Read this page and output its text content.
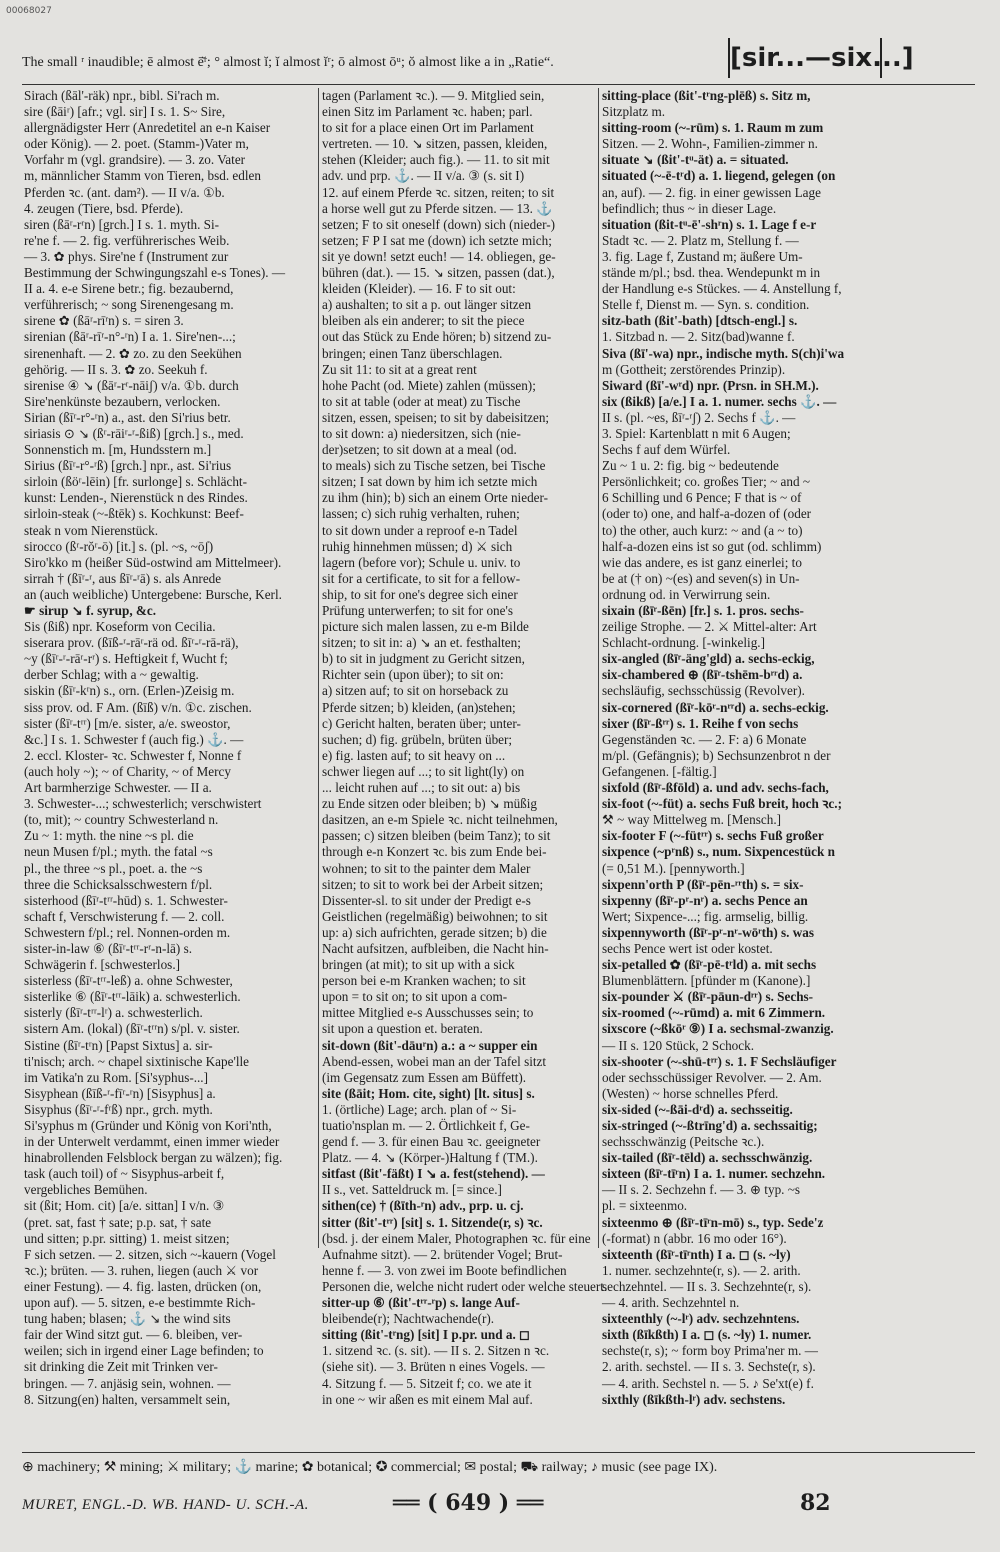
00068027
The small ʳ inaudible; ē almost ē̆ʳ; ° almost ĭ; ĭ almost ĭʳ; ō almost ōᵘ; ŏ almost like a in „Ratie“.	[sir...—six...]
Sirach (ßāl'-räk) npr., bibl. Si'rach m.
sire (ßāiʳ) [afr.; vgl. sir] I s. 1. S~ Sire,
allergnädigster Herr (Anredetitel an e-n Kaiser
oder König). — 2. poet. (Stamm-)Vater m,
Vorfahr m (vgl. grandsire). — 3. zo. Vater
m, männlicher Stamm von Tieren, bsd. edlen
Pferden ꝛc. (ant. dam²). — II v/a. ①b.
4. zeugen (Tiere, bsd. Pferde).
siren (ßāʳ-rʳn) [grch.] I s. 1. myth. Si-
re'ne f. — 2. fig. verführerisches Weib.
— 3. ✿ phys. Sire'ne f (Instrument zur
Bestimmung der Schwingungszahl e-s Tones). —
II a. 4. e-e Sirene betr.; fig. bezaubernd,
verführerisch; ~ song Sirenengesang m.
sirene ✿ (ßāʳ-rīʳn) s. = siren 3.
sirenian (ßāʳ-rīʳ-n°-ʳn) I a. 1. Sire'nen-...;
sirenenhaft. — 2. ✿ zo. zu den Seekühen
gehörig. — II s. 3. ✿ zo. Seekuh f.
sirenise ④ ↘ (ßāʳ-rʳ-nāiʃ) v/a. ①b. durch
Sire'nenkünste bezaubern, verlocken.
Sirian (ßīʳ-r°-ʳn) a., ast. den Si'rius betr.
siriasis ⊙ ↘ (ßʳ-rāiʳ-ʳ-ßiß) [grch.] s., med.
Sonnenstich m. [m, Hundsstern m.]
Sirius (ßīʳ-r°-ʳß) [grch.] npr., ast. Si'rius
sirloin (ßöʳ-lēin) [fr. surlonge] s. Schlächt-
kunst: Lenden-, Nierenstück n des Rindes.
sirloin-steak (~-ßtēk) s. Kochkunst: Beef-
steak n vom Nierenstück.
sirocco (ßʳ-rŏʳ-ō) [it.] s. (pl. ~s, ~ōʃ)
Siro'kko m (heißer Süd-ostwind am Mittelmeer).
sirrah † (ßīʳ-ʳ, aus ßīʳ-ʳā) s. als Anrede
an (auch weibliche) Untergebene: Bursche, Kerl.
☛ sirup ↘ f. syrup, &c.
Sis (ßiß) npr. Koseform von Cecilia.
siserara prov. (ßīß-ʳ-rāʳ-rä od. ßīʳ-ʳ-rā-rä),
~y (ßīʳ-ʳ-rāʳ-rʳ) s. Heftigkeit f, Wucht f;
derber Schlag; with a ~ gewaltig.
siskin (ßīʳ-kʳn) s., orn. (Erlen-)Zeisig m.
siss prov. od. F Am. (ßīß) v/n. ①c. zischen.
sister (ßīʳ-tʳʳ) [m/e. sister, a/e. sweostor,
&c.] I s. 1. Schwester f (auch fig.) ⚓. —
2. eccl. Kloster- ꝛc. Schwester f, Nonne f
(auch holy ~); ~ of Charity, ~ of Mercy
Art barmherzige Schwester. — II a.
3. Schwester-...; schwesterlich; verschwistert
(to, mit); ~ country Schwesterland n.
Zu ~ 1: myth. the nine ~s pl. die
neun Musen f/pl.; myth. the fatal ~s
pl., the three ~s pl., poet. a. the ~s
three die Schicksalsschwestern f/pl.
sisterhood (ßīʳ-tʳʳ-hūd) s. 1. Schwester-
schaft f, Verschwisterung f. — 2. coll.
Schwestern f/pl.; rel. Nonnen-orden m.
sister-in-law ⑥ (ßīʳ-tʳʳ-rʳ-n-lā) s.
Schwägerin f. [schwesterlos.]
sisterless (ßīʳ-tʳʳ-leß) a. ohne Schwester,
sisterlike ⑥ (ßīʳ-tʳʳ-lāik) a. schwesterlich.
sisterly (ßīʳ-tʳʳ-lʳ) a. schwesterlich.
sistern Am. (lokal) (ßīʳ-tʳʳn) s/pl. v. sister.
Sistine (ßīʳ-tʳn) [Papst Sixtus] a. sir-
ti'nisch; arch. ~ chapel sixtinische Kape'lle
im Vatika'n zu Rom. [Si'syphus-...]
Sisyphean (ßīß-ʳ-fīʳ-ʳn) [Sisyphus] a.
Sisyphus (ßīʳ-ʳ-fʳß) npr., grch. myth.
Si'syphus m (Gründer und König von Kori'nth,
in der Unterwelt verdammt, einen immer wieder
hinabrollenden Felsblock bergan zu wälzen); fig.
task (auch toil) of ~ Sisyphus-arbeit f,
vergebliches Bemühen.
sit (ßit; Hom. cit) [a/e. sittan] I v/n. ③
(pret. sat, fast † sate; p.p. sat, † sate
und sitten; p.pr. sitting) 1. meist sitzen;
F sich setzen. — 2. sitzen, sich ~-kauern (Vogel
ꝛc.); brüten. — 3. ruhen, liegen (auch ⚔ vor
einer Festung). — 4. fig. lasten, drücken (on,
upon auf). — 5. sitzen, e-e bestimmte Rich-
tung haben; blasen; ⚓ ↘ the wind sits
fair der Wind sitzt gut. — 6. bleiben, ver-
weilen; sich in irgend einer Lage befinden; to
sit drinking die Zeit mit Trinken ver-
bringen. — 7. anjäsig sein, wohnen. —
8. Sitzung(en) halten, versammelt sein,
tagen (Parlament ꝛc.). — 9. Mitglied sein,
einen Sitz im Parlament ꝛc. haben; parl.
to sit for a place einen Ort im Parlament
vertreten. — 10. ↘ sitzen, passen, kleiden,
stehen (Kleider; auch fig.). — 11. to sit mit
adv. und prp. ⚓. — II v/a. ③ (s. sit I)
12. auf einem Pferde ꝛc. sitzen, reiten; to sit
a horse well gut zu Pferde sitzen. — 13. ⚓
setzen; F to sit oneself (down) sich (nieder-)
setzen; F P I sat me (down) ich setzte mich;
sit ye down! setzt euch! — 14. obliegen, ge-
bühren (dat.). — 15. ↘ sitzen, passen (dat.),
kleiden (Kleider). — 16. F to sit out:
a) aushalten; to sit a p. out länger sitzen
bleiben als ein anderer; to sit the piece
out das Stück zu Ende hören; b) sitzend zu-
bringen; einen Tanz überschlagen.
Zu sit 11: to sit at a great rent
hohe Pacht (od. Miete) zahlen (müssen);
to sit at table (oder at meat) zu Tische
sitzen, essen, speisen; to sit by dabeisitzen;
to sit down: a) niedersitzen, sich (nie-
der)setzen; to sit down at a meal (od.
to meals) sich zu Tische setzen, bei Tische
sitzen; I sat down by him ich setzte mich
zu ihm (hin); b) sich an einem Orte nieder-
lassen; c) sich ruhig verhalten, ruhen;
to sit down under a reproof e-n Tadel
ruhig hinnehmen müssen; d) ⚔ sich
lagern (before vor); Schule u. univ. to
sit for a certificate, to sit for a fellow-
ship, to sit for one's degree sich einer
Prüfung unterwerfen; to sit for one's
picture sich malen lassen, zu e-m Bilde
sitzen; to sit in: a) ↘ an et. festhalten;
b) to sit in judgment zu Gericht sitzen,
Richter sein (upon über); to sit on:
a) sitzen auf; to sit on horseback zu
Pferde sitzen; b) kleiden, (an)stehen;
c) Gericht halten, beraten über; unter-
suchen; d) fig. grübeln, brüten über;
e) fig. lasten auf; to sit heavy on ...
schwer liegen auf ...; to sit light(ly) on
... leicht ruhen auf ...; to sit out: a) bis
zu Ende sitzen oder bleiben; b) ↘ müßig
dasitzen, an e-m Spiele ꝛc. nicht teilnehmen,
passen; c) sitzen bleiben (beim Tanz); to sit
through e-n Konzert ꝛc. bis zum Ende bei-
wohnen; to sit to the painter dem Maler
sitzen; to sit to work bei der Arbeit sitzen;
Dissenter-sl. to sit under der Predigt e-s
Geistlichen (regelmäßig) beiwohnen; to sit
up: a) sich aufrichten, gerade sitzen; b) die
Nacht aufsitzen, aufbleiben, die Nacht hin-
bringen (at mit); to sit up with a sick
person bei e-m Kranken wachen; to sit
upon = to sit on; to sit upon a com-
mittee Mitglied e-s Ausschusses sein; to
sit upon a question et. beraten.
sit-down (ßit'-dāuʳn) a.: a ~ supper ein
Abend-essen, wobei man an der Tafel sitzt
(im Gegensatz zum Essen am Büffett).
site (ßāit; Hom. cite, sight) [lt. situs] s.
1. (örtliche) Lage; arch. plan of ~ Si-
tuatio'nsplan m. — 2. Örtlichkeit f, Ge-
gend f. — 3. für einen Bau ꝛc. geeigneter
Platz. — 4. ↘ (Körper-)Haltung f (TM.).
sitfast (ßit'-fäßt) I ↘ a. fest(stehend). —
II s., vet. Satteldruck m. [= since.]
sithen(ce) † (ßīth-ʳn) adv., prp. u. cj.
sitter (ßit'-tʳʳ) [sit] s. 1. Sitzende(r, s) ꝛc.
(bsd. j. der einem Maler, Photographen ꝛc. für eine
Aufnahme sitzt). — 2. brütender Vogel; Brut-
henne f. — 3. von zwei im Boote befindlichen
Personen die, welche nicht rudert oder welche steuert.
sitter-up ⑥ (ßit'-tʳʳ-ʳp) s. lange Auf-
bleibende(r); Nachtwachende(r).
sitting (ßit'-tʳng) [sit] I p.pr. und a. ◻
1. sitzend ꝛc. (s. sit). — II s. 2. Sitzen n ꝛc.
(siehe sit). — 3. Brüten n eines Vogels. —
4. Sitzung f. — 5. Sitzeit f; co. we ate it
in one ~ wir aßen es mit einem Mal auf.
sitting-place (ßit'-tʳng-plēß) s. Sitz m,
Sitzplatz m.
sitting-room (~-rūm) s. 1. Raum m zum
Sitzen. — 2. Wohn-, Familien-zimmer n.
situate ↘ (ßit'-tᵘ-ät) a. = situated.
situated (~-ē-tʳd) a. 1. liegend, gelegen (on
an, auf). — 2. fig. in einer gewissen Lage
befindlich; thus ~ in dieser Lage.
situation (ßit-tᵘ-ē'-shʳn) s. 1. Lage f e-r
Stadt ꝛc. — 2. Platz m, Stellung f. —
3. fig. Lage f, Zustand m; äußere Um-
stände m/pl.; bsd. thea. Wendepunkt m in
der Handlung e-s Stückes. — 4. Anstellung f,
Stelle f, Dienst m. — Syn. s. condition.
sitz-bath (ßit'-bath) [dtsch-engl.] s.
1. Sitzbad n. — 2. Sitz(bad)wanne f.
Siva (ßī'-wa) npr., indische myth. S(ch)i'wa
m (Gottheit; zerstörendes Prinzip).
Siward (ßī'-wʳd) npr. (Prsn. in SH.M.).
six (ßikß) [a/e.] I a. 1. numer. sechs ⚓. —
II s. (pl. ~es, ßīʳ-ʳʃ) 2. Sechs f ⚓. —
3. Spiel: Kartenblatt n mit 6 Augen;
Sechs f auf dem Würfel.
Zu ~ 1 u. 2: fig. big ~ bedeutende
Persönlichkeit; co. großes Tier; ~ and ~
6 Schilling und 6 Pence; F that is ~ of
(oder to) one, and half-a-dozen of (oder
to) the other, auch kurz: ~ and (a ~ to)
half-a-dozen eins ist so gut (od. schlimm)
wie das andere, es ist ganz einerlei; to
be at († on) ~(es) and seven(s) in Un-
ordnung od. in Verwirrung sein.
sixain (ßīʳ-ßēn) [fr.] s. 1. pros. sechs-
zeilige Strophe. — 2. ⚔ Mittel-alter: Art
Schlacht-ordnung. [-winkelig.]
six-angled (ßīʳ-äng'gld) a. sechs-eckig,
six-chambered ⊕ (ßīʳ-tshēm-bʳʳd) a.
sechsläufig, sechsschüssig (Revolver).
six-cornered (ßīʳ-kōʳ-nʳʳd) a. sechs-eckig.
sixer (ßīʳ-ßʳʳ) s. 1. Reihe f von sechs
Gegenständen ꝛc. — 2. F: a) 6 Monate
m/pl. (Gefängnis); b) Sechsunzenbrot n der
Gefangenen. [-fältig.]
sixfold (ßīʳ-ßfōld) a. und adv. sechs-fach,
six-foot (~-füt) a. sechs Fuß breit, hoch ꝛc.;
⚒ ~ way Mittelweg m. [Mensch.]
six-footer F (~-fütʳʳ) s. sechs Fuß großer
sixpence (~pʳnß) s., num. Sixpencestück n
(= 0,51 M.). [pennyworth.]
sixpenn'orth P (ßīʳ-pēn-ʳʳth) s. = six-
sixpenny (ßīʳ-pʳ-nʳ) a. sechs Pence an
Wert; Sixpence-...; fig. armselig, billig.
sixpennyworth (ßīʳ-pʳ-nʳ-wōʳth) s. was
sechs Pence wert ist oder kostet.
six-petalled ✿ (ßīʳ-pē-tʳld) a. mit sechs
Blumenblättern. [pfünder m (Kanone).]
six-pounder ⚔ (ßīʳ-pāun-dʳʳ) s. Sechs-
six-roomed (~-rūmd) a. mit 6 Zimmern.
sixscore (~ßkōʳ ⑨) I a. sechsmal-zwanzig.
— II s. 120 Stück, 2 Schock.
six-shooter (~-shū-tʳʳ) s. 1. F Sechsläufiger
oder sechsschüssiger Revolver. — 2. Am.
(Westen) ~ horse schnelles Pferd.
six-sided (~-ßāi-dʳd) a. sechsseitig.
six-stringed (~-ßtrīng'd) a. sechssaitig;
sechsschwänzig (Peitsche ꝛc.).
six-tailed (ßīʳ-tēld) a. sechsschwänzig.
sixteen (ßīʳ-tīʳn) I a. 1. numer. sechzehn.
— II s. 2. Sechzehn f. — 3. ⊕ typ. ~s
pl. = sixteenmo.
sixteenmo ⊕ (ßīʳ-tīʳn-mō) s., typ. Sede'z
(-format) n (abbr. 16 mo oder 16°).
sixteenth (ßīʳ-tīʳnth) I a. ◻ (s. ~ly)
1. numer. sechzehnte(r, s). — 2. arith.
sechzehntel. — II s. 3. Sechzehnte(r, s).
— 4. arith. Sechzehntel n.
sixteenthly (~-lʳ) adv. sechzehntens.
sixth (ßīkßth) I a. ◻ (s. ~ly) 1. numer.
sechste(r, s); ~ form boy Prima'ner m. —
2. arith. sechstel. — II s. 3. Sechste(r, s).
— 4. arith. Sechstel n. — 5. ♪ Se'xt(e) f.
sixthly (ßīkßth-lʳ) adv. sechstens.
⊕ machinery; ⚒ mining; ⚔ military; ⚓ marine; ✿ botanical; ✪ commercial; ✉ postal; ⛟ railway; ♪ music (see page IX).
MURET, ENGL.-D. WB. HAND- U. SCH.-A.	══ ( 649 ) ══	82
